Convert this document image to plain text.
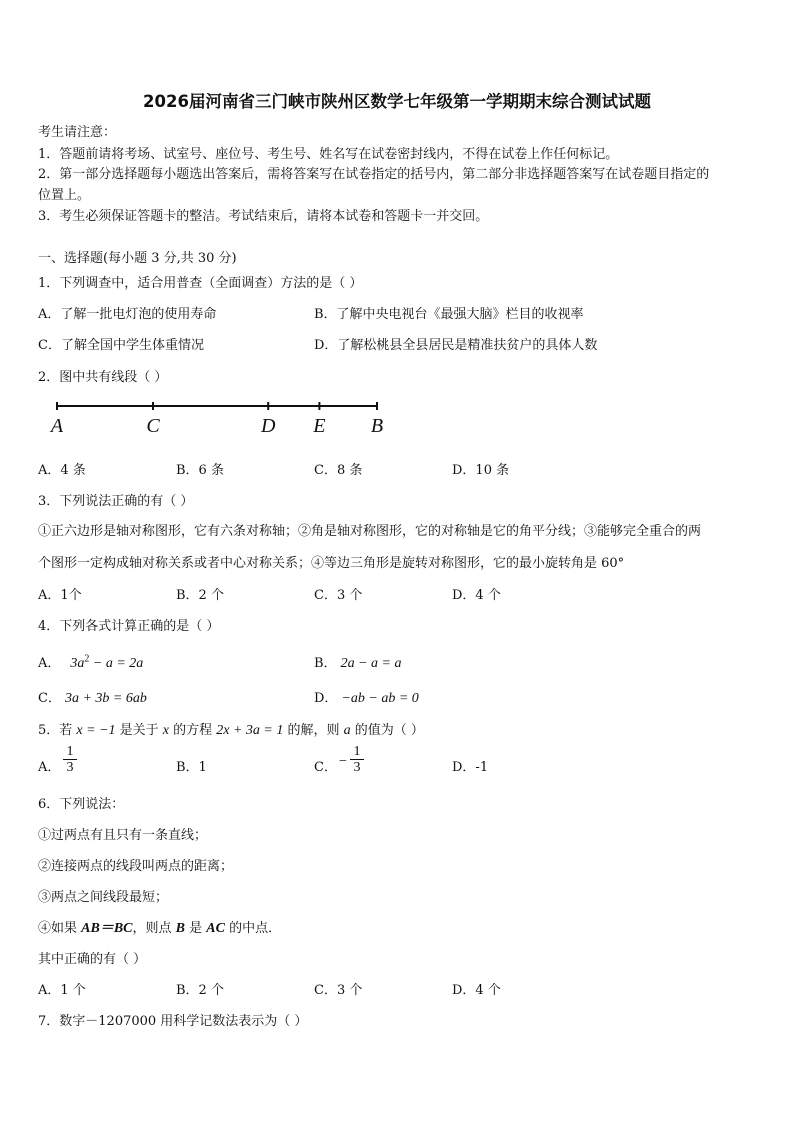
2026届河南省三门峡市陕州区数学七年级第一学期期末综合测试试题
考生请注意：
1．答题前请将考场、试室号、座位号、考生号、姓名写在试卷密封线内，不得在试卷上作任何标记。
2．第一部分选择题每小题选出答案后，需将答案写在试卷指定的括号内，第二部分非选择题答案写在试卷题目指定的
位置上。
3．考生必须保证答题卡的整洁。考试结束后，请将本试卷和答题卡一并交回。
一、选择题(每小题 3 分,共 30 分)
1．下列调查中，适合用普查（全面调查）方法的是（ ）
A．了解一批电灯泡的使用寿命	B．了解中央电视台《最强大脑》栏目的收视率
C．了解全国中学生体重情况	D．了解松桃县全县居民是精准扶贫户的具体人数
2．图中共有线段（ ）
A	C	D E B
A．4 条	B．6 条	C．8 条	D．10 条
3．下列说法正确的有（ ）
①正六边形是轴对称图形，它有六条对称轴；②角是轴对称图形，它的对称轴是它的角平分线；③能够完全重合的两
个图形一定构成轴对称关系或者中心对称关系；④等边三角形是旋转对称图形，它的最小旋转角是 60°
A．1个	B．2 个	C．3 个	D．4 个
4．下列各式计算正确的是（ ）
A． $3a^2 - a = 2a$	B． 2a − a = a
C． 3a + 3b = 6ab	D． −ab − ab = 0
5．若 x = −1 是关于 x 的方程 2x + 3a = 1 的解，则 a 的值为（ ）
A． $\frac{1}{3}$	B．1	C． − $\frac{1}{3}$	D．-1
6．下列说法：
①过两点有且只有一条直线；
②连接两点的线段叫两点的距离；
③两点之间线段最短；
④如果 AB＝BC，则点 B 是 AC 的中点．
其中正确的有（ ）
A．1 个	B．2 个	C．3 个	D．4 个
7．数字－1207000 用科学记数法表示为（ ）
